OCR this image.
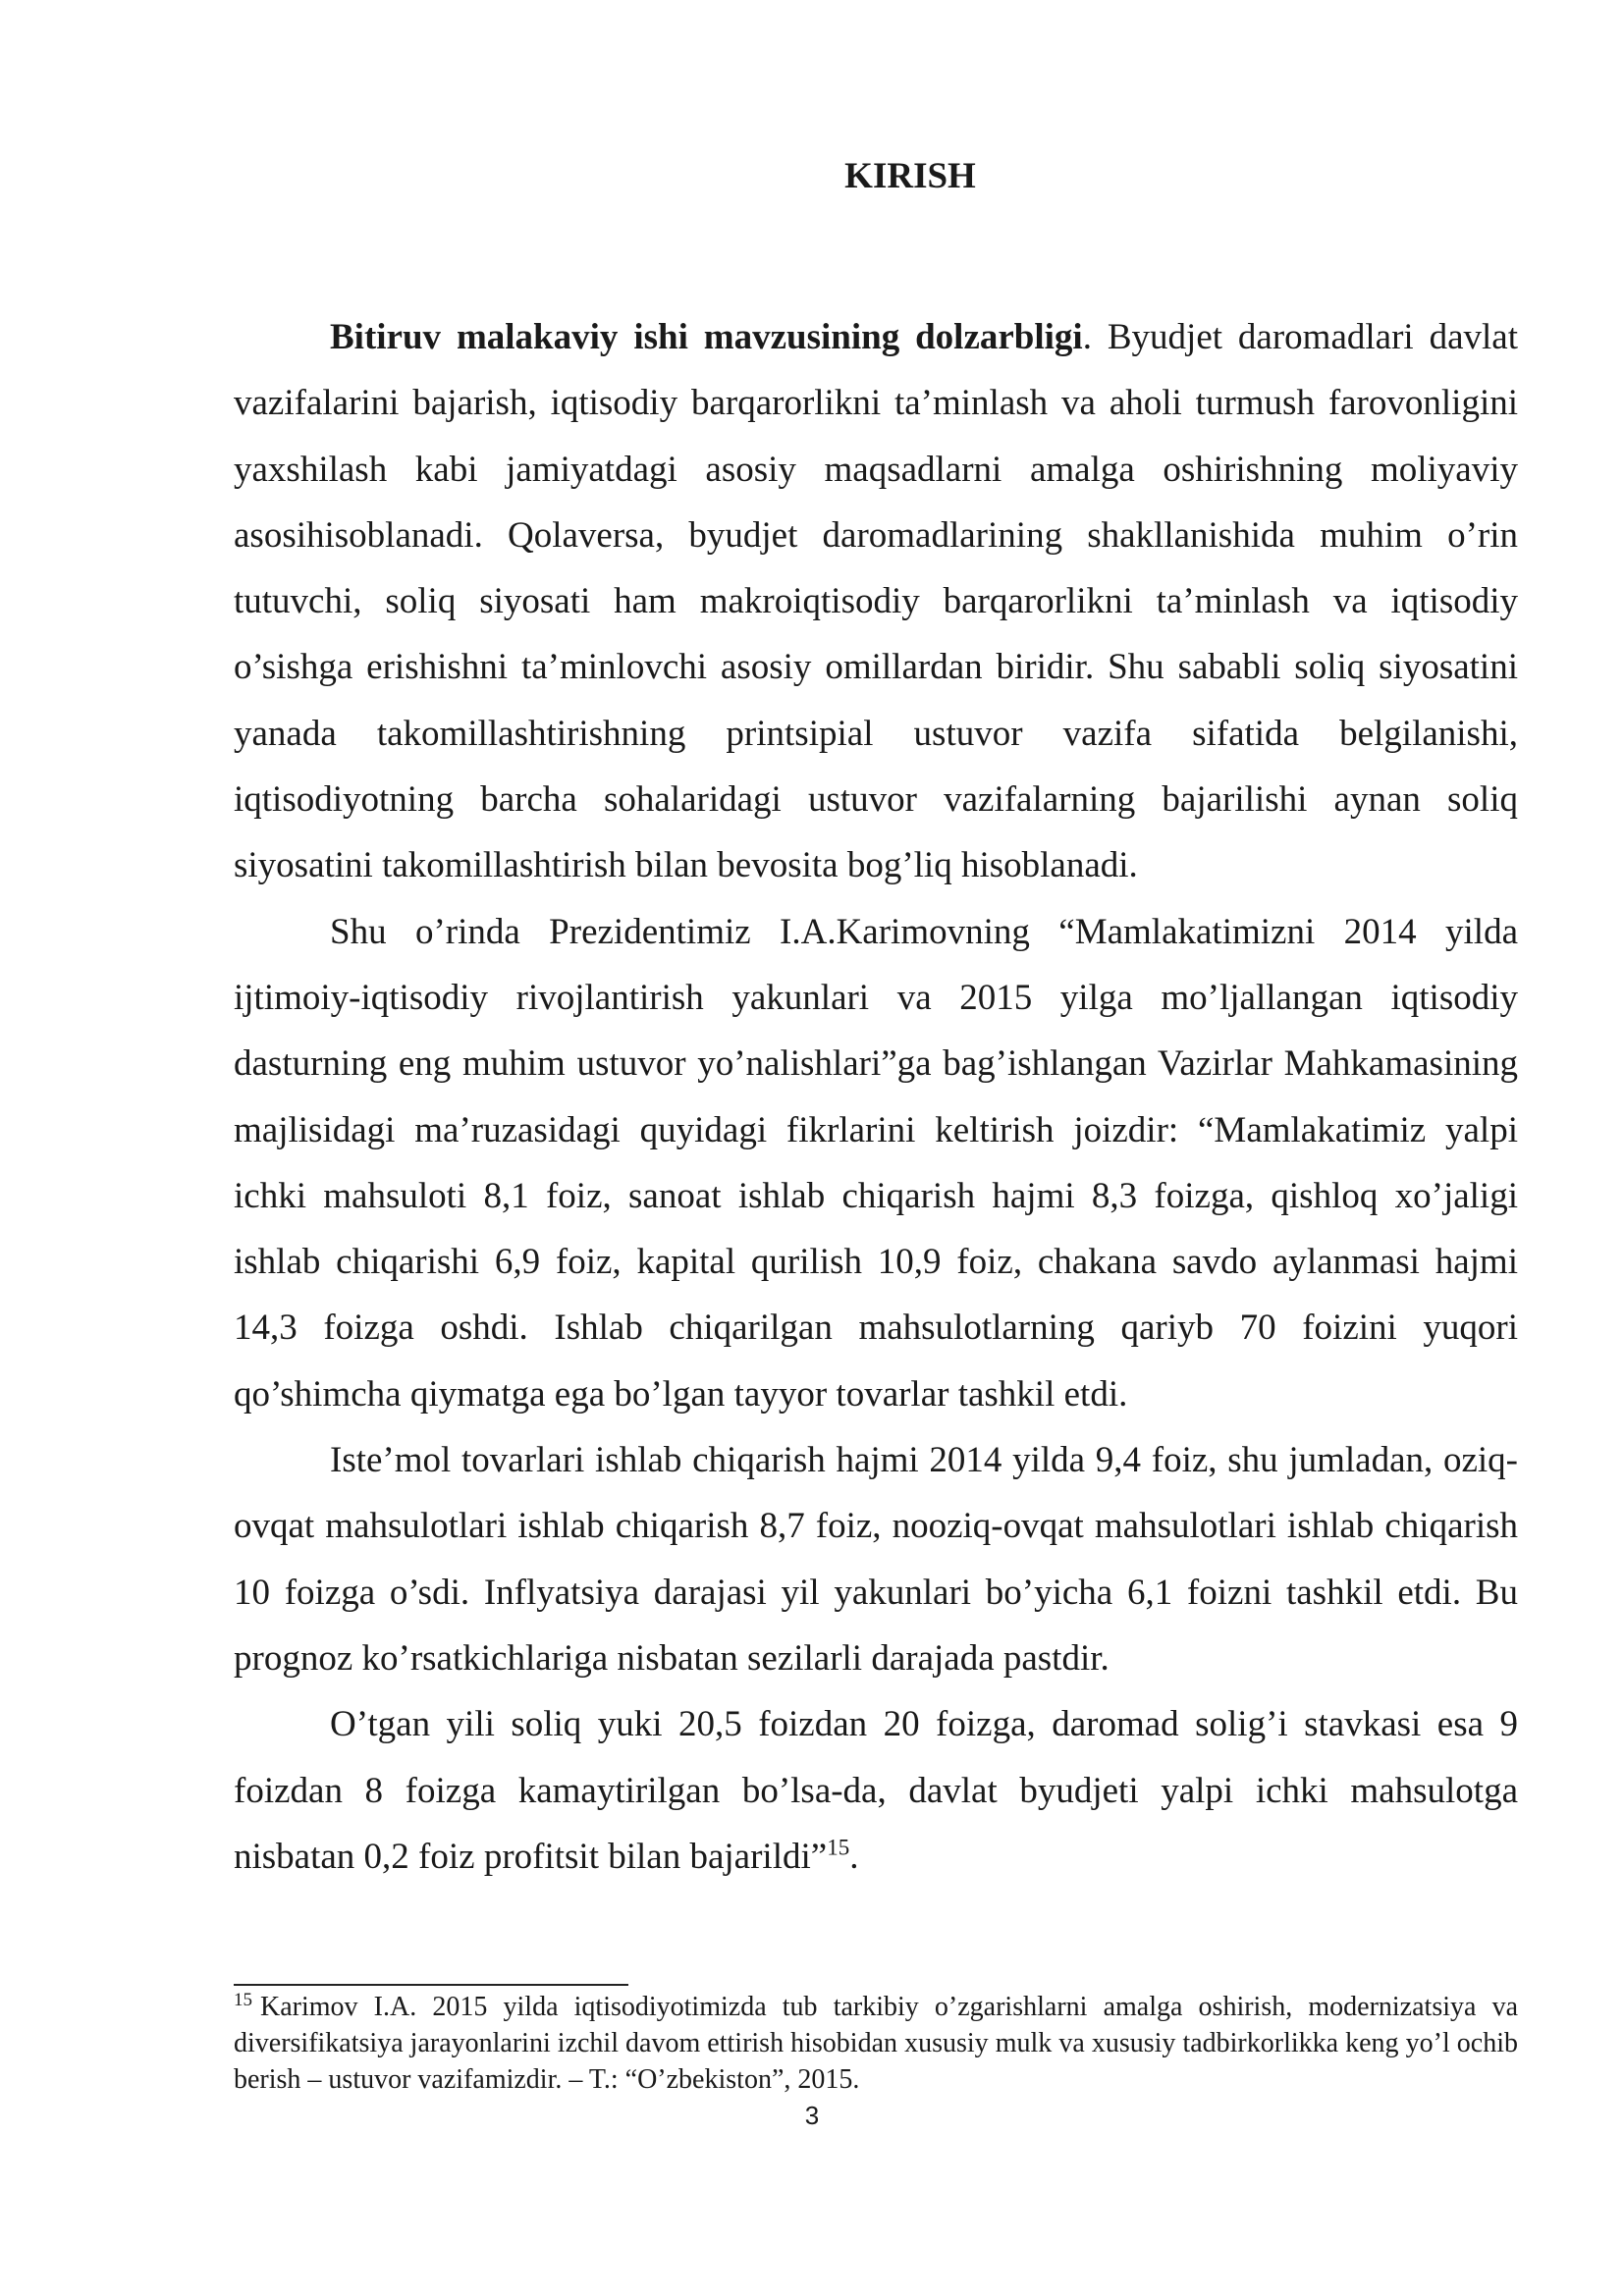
KIRISH

Bitiruv malakaviy ishi mavzusining dolzarbligi. Byudjet daromadlari davlat vazifalarini bajarish, iqtisodiy barqarorlikni ta’minlash va aholi turmush farovonligini yaxshilash kabi jamiyatdagi asosiy maqsadlarni amalga oshirishning moliyaviy asosihisoblanadi. Qolaversa, byudjet daromadlarining shakllanishida muhim o’rin tutuvchi, soliq siyosati ham makroiqtisodiy barqarorlikni ta’minlash va iqtisodiy o’sishga erishishni ta’minlovchi asosiy omillardan biridir. Shu sababli soliq siyosatini yanada takomillashtirishning printsipial ustuvor vazifa sifatida belgilanishi, iqtisodiyotning barcha sohalaridagi ustuvor vazifalarning bajarilishi aynan soliq siyosatini takomillashtirish bilan bevosita bog’liq hisoblanadi.

Shu o’rinda Prezidentimiz I.A.Karimovning “Mamlakatimizni 2014 yilda ijtimoiy-iqtisodiy rivojlantirish yakunlari va 2015 yilga mo’ljallangan iqtisodiy dasturning eng muhim ustuvor yo’nalishlari”ga bag’ishlangan Vazirlar Mahkamasining majlisidagi ma’ruzasidagi quyidagi fikrlarini keltirish joizdir: “Mamlakatimiz yalpi ichki mahsuloti 8,1 foiz, sanoat ishlab chiqarish hajmi 8,3 foizga, qishloq xo’jaligi ishlab chiqarishi 6,9 foiz, kapital qurilish 10,9 foiz, chakana savdo aylanmasi hajmi 14,3 foizga oshdi. Ishlab chiqarilgan mahsulotlarning qariyb 70 foizini yuqori qo’shimcha qiymatga ega bo’lgan tayyor tovarlar tashkil etdi.

Iste’mol tovarlari ishlab chiqarish hajmi 2014 yilda 9,4 foiz, shu jumladan, oziq-ovqat mahsulotlari ishlab chiqarish 8,7 foiz, nooziq-ovqat mahsulotlari ishlab chiqarish 10 foizga o’sdi. Inflyatsiya darajasi yil yakunlari bo’yicha 6,1 foizni tashkil etdi. Bu prognoz ko’rsatkichlariga nisbatan sezilarli darajada pastdir.

O’tgan yili soliq yuki 20,5 foizdan 20 foizga, daromad solig’i stavkasi esa 9 foizdan 8 foizga kamaytirilgan bo’lsa-da, davlat byudjeti yalpi ichki mahsulotga nisbatan 0,2 foiz profitsit bilan bajarildi”$^{15}$.

$^{15}$ Karimov I.A. 2015 yilda iqtisodiyotimizda tub tarkibiy o’zgarishlarni amalga oshirish, modernizatsiya va diversifikatsiya jarayonlarini izchil davom ettirish hisobidan xususiy mulk va xususiy tadbirkorlikka keng yo’l ochib berish – ustuvor vazifamizdir. – T.: “O’zbekiston”, 2015.

3
